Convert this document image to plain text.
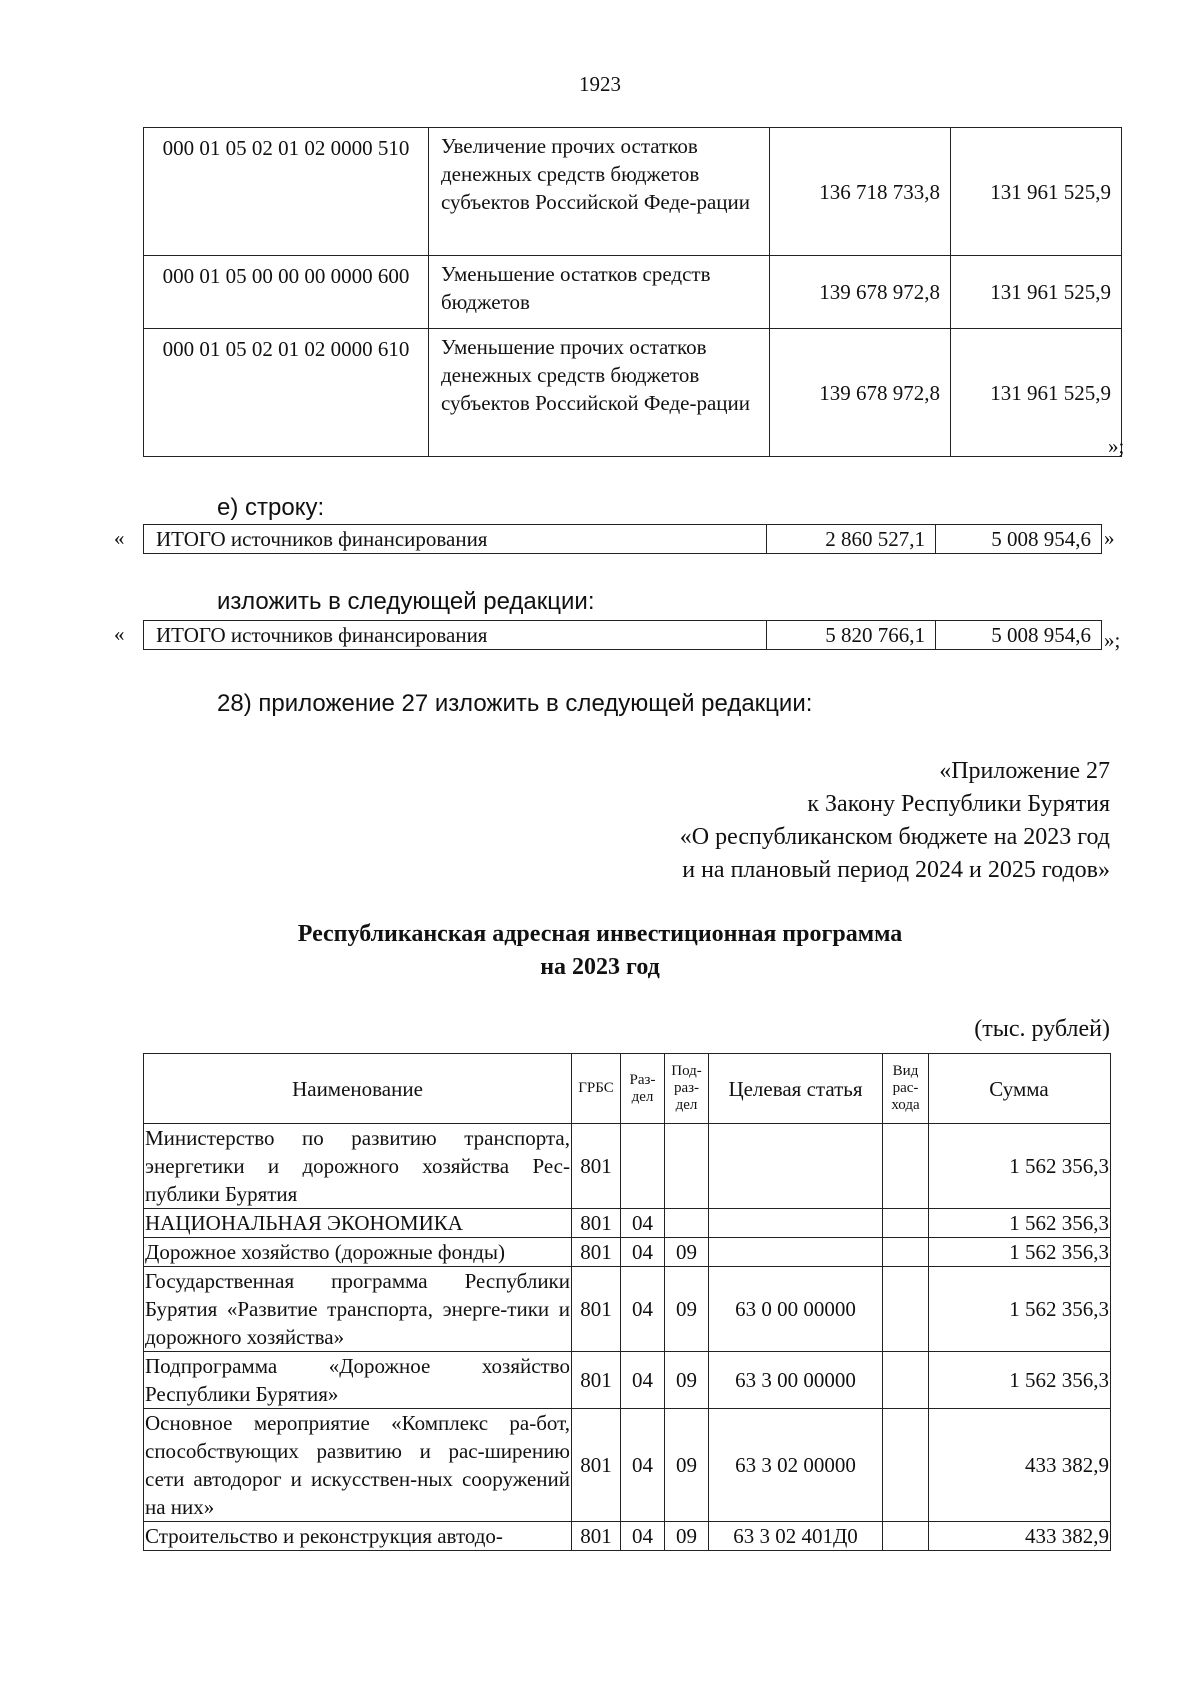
1923
000 01 05 02 01 02 0000 510	Увеличение прочих остатков денежных средств бюджетов субъектов Российской Феде-рации	136 718 733,8	131 961 525,9
000 01 05 00 00 00 0000 600	Уменьшение остатков средств бюджетов	139 678 972,8	131 961 525,9
000 01 05 02 01 02 0000 610	Уменьшение прочих остатков денежных средств бюджетов субъектов Российской Феде-рации	139 678 972,8	131 961 525,9
»;
е) строку:
« ИТОГО источников финансирования	2 860 527,1	5 008 954,6 »
изложить в следующей редакции:
« ИТОГО источников финансирования	5 820 766,1	5 008 954,6 »;
28) приложение 27 изложить в следующей редакции:
«Приложение 27
к Закону Республики Бурятия
«О республиканском бюджете на 2023 год
и на плановый период 2024 и 2025 годов»
Республиканская адресная инвестиционная программа
на 2023 год
(тыс. рублей)
Наименование	ГРБС	Раз-дел	Под-раз-дел	Целевая статья	Вид рас-хода	Сумма
Министерство по развитию транспорта, энергетики и дорожного хозяйства Рес-публики Бурятия	801					1 562 356,3
НАЦИОНАЛЬНАЯ ЭКОНОМИКА	801	04				1 562 356,3
Дорожное хозяйство (дорожные фонды)	801	04	09			1 562 356,3
Государственная программа Республики Бурятия «Развитие транспорта, энерге-тики и дорожного хозяйства»	801	04	09	63 0 00 00000		1 562 356,3
Подпрограмма «Дорожное хозяйство Республики Бурятия»	801	04	09	63 3 00 00000		1 562 356,3
Основное мероприятие «Комплекс ра-бот, способствующих развитию и рас-ширению сети автодорог и искусствен-ных сооружений на них»	801	04	09	63 3 02 00000		433 382,9
Строительство и реконструкция автодо-	801	04	09	63 3 02 401Д0		433 382,9
